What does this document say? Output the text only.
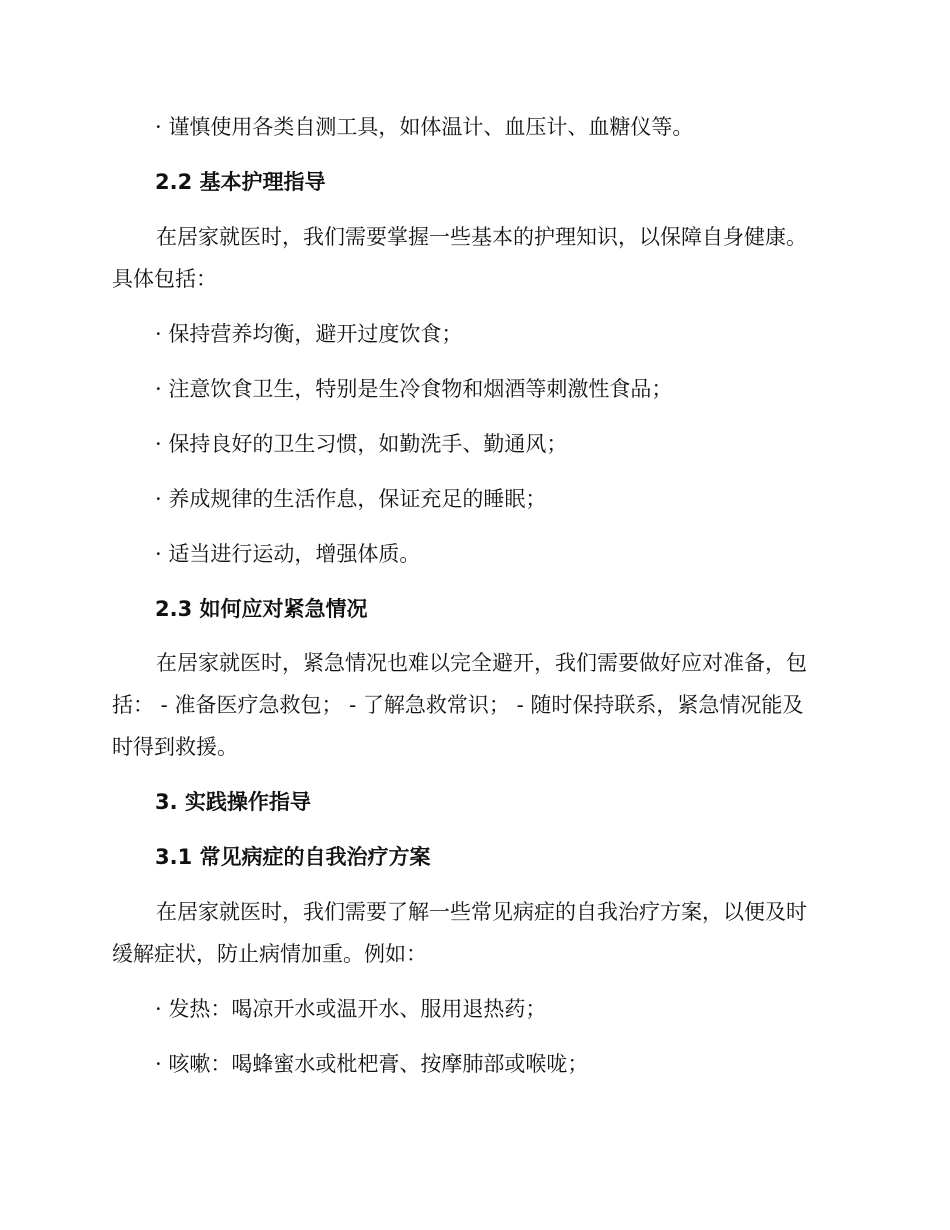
· 谨慎使用各类自测工具，如体温计、血压计、血糖仪等。
2.2 基本护理指导
在居家就医时，我们需要掌握一些基本的护理知识，以保障自身健康。
具体包括：
· 保持营养均衡，避开过度饮食；
· 注意饮食卫生，特别是生冷食物和烟酒等刺激性食品；
· 保持良好的卫生习惯，如勤洗手、勤通风；
· 养成规律的生活作息，保证充足的睡眠；
· 适当进行运动，增强体质。
2.3 如何应对紧急情况
在居家就医时，紧急情况也难以完全避开，我们需要做好应对准备，包
括： - 准备医疗急救包； - 了解急救常识； - 随时保持联系，紧急情况能及
时得到救援。
3. 实践操作指导
3.1 常见病症的自我治疗方案
在居家就医时，我们需要了解一些常见病症的自我治疗方案，以便及时
缓解症状，防止病情加重。例如：
· 发热：喝凉开水或温开水、服用退热药；
· 咳嗽：喝蜂蜜水或枇杷膏、按摩肺部或喉咙；
